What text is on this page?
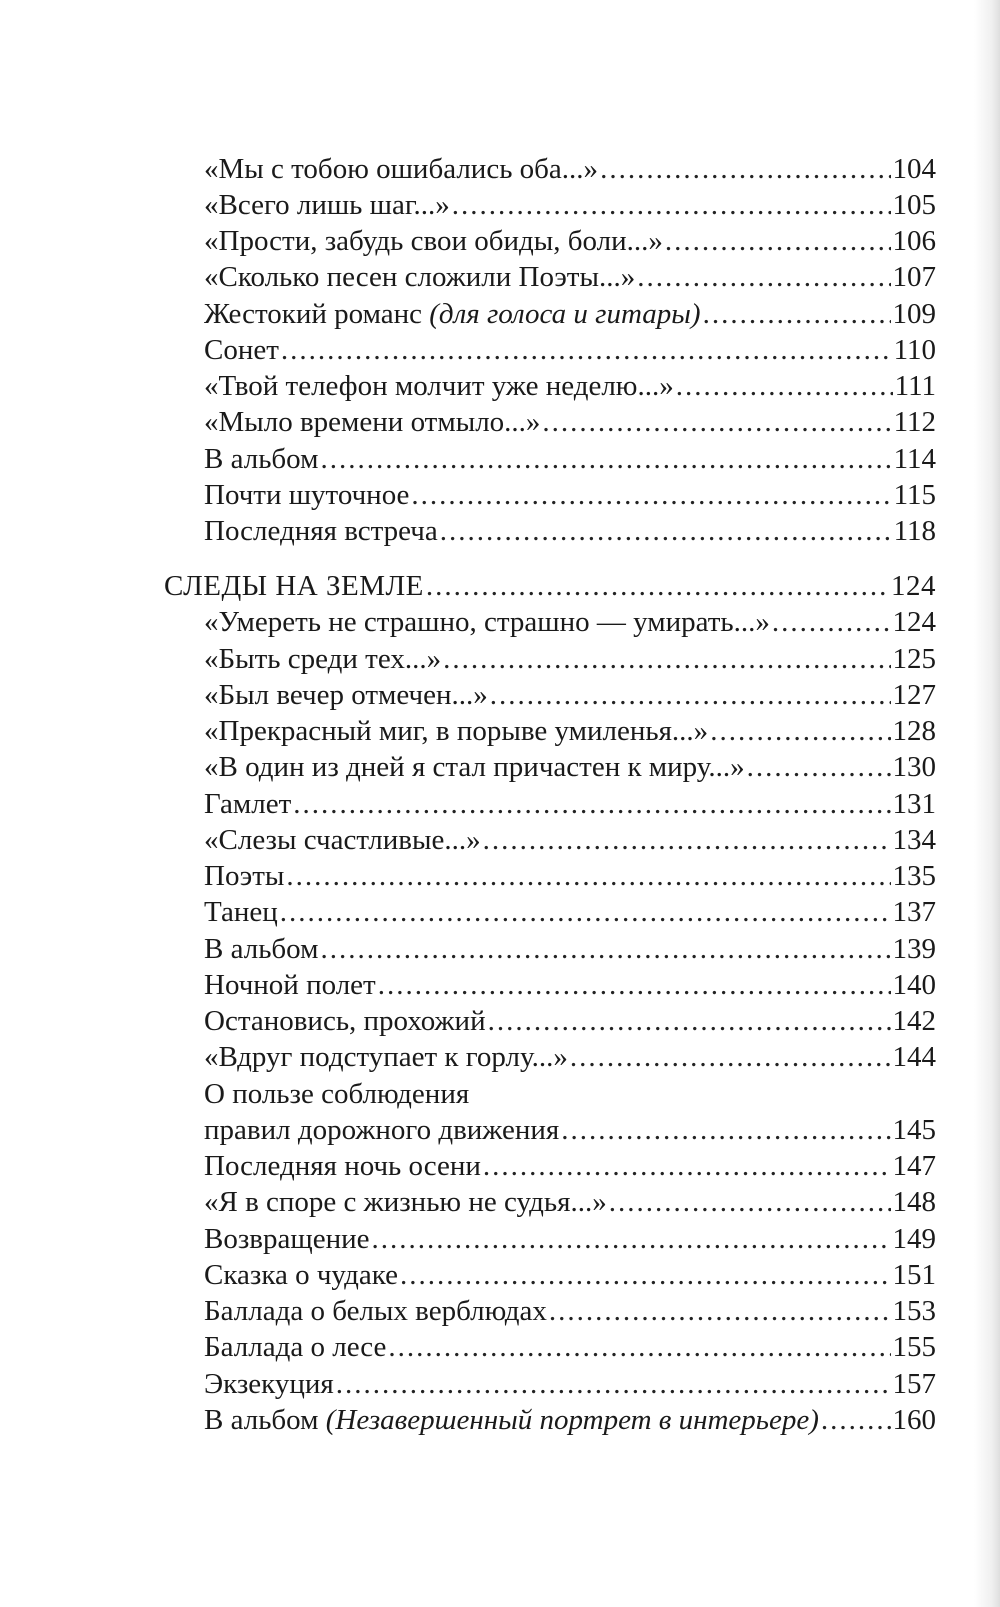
«Мы с тобою ошибались оба...» .....	104
«Всего лишь шаг...» .....	105
«Прости, забудь свои обиды, боли...» .....	106
«Сколько песен сложили Поэты...» .....	107
Жестокий романс (для голоса и гитары) .....	109
Сонет .....	110
«Твой телефон молчит уже неделю...» .....	111
«Мыло времени отмыло...» .....	112
В альбом .....	114
Почти шуточное .....	115
Последняя встреча .....	118
СЛЕДЫ НА ЗЕМЛЕ .....	124
«Умереть не страшно, страшно — умирать...» .....	124
«Быть среди тех...» .....	125
«Был вечер отмечен...» .....	127
«Прекрасный миг, в порыве умиленья...» .....	128
«В один из дней я стал причастен к миру...» .....	130
Гамлет .....	131
«Слезы счастливые...» .....	134
Поэты .....	135
Танец .....	137
В альбом .....	139
Ночной полет .....	140
Остановись, прохожий .....	142
«Вдруг подступает к горлу...» .....	144
О пользе соблюдения
правил дорожного движения .....	145
Последняя ночь осени .....	147
«Я в споре с жизнью не судья...» .....	148
Возвращение .....	149
Сказка о чудаке .....	151
Баллада о белых верблюдах .....	153
Баллада о лесе .....	155
Экзекуция .....	157
В альбом (Незавершенный портрет в интерьере) .....	160
